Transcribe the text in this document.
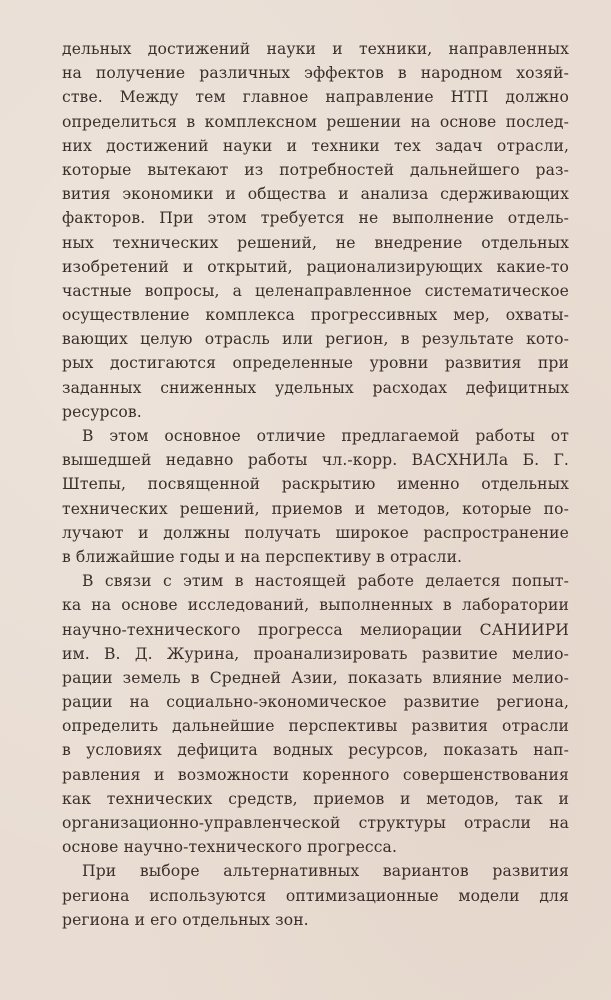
дельных достижений науки и техники, направленных
на получение различных эффектов в народном хозяй-
стве. Между тем главное направление НТП должно
определиться в комплексном решении на основе послед-
них достижений науки и техники тех задач отрасли,
которые вытекают из потребностей дальнейшего раз-
вития экономики и общества и анализа сдерживающих
факторов. При этом требуется не выполнение отдель-
ных технических решений, не внедрение отдельных
изобретений и открытий, рационализирующих какие-то
частные вопросы, а целенаправленное систематическое
осуществление комплекса прогрессивных мер, охваты-
вающих целую отрасль или регион, в результате кото-
рых достигаются определенные уровни развития при
заданных сниженных удельных расходах дефицитных
ресурсов.
В этом основное отличие предлагаемой работы от
вышедшей недавно работы чл.-корр. ВАСХНИЛа Б. Г.
Штепы, посвященной раскрытию именно отдельных
технических решений, приемов и методов, которые по-
лучают и должны получать широкое распространение
в ближайшие годы и на перспективу в отрасли.
В связи с этим в настоящей работе делается попыт-
ка на основе исследований, выполненных в лаборатории
научно-технического прогресса мелиорации САНИИРИ
им. В. Д. Журина, проанализировать развитие мелио-
рации земель в Средней Азии, показать влияние мелио-
рации на социально-экономическое развитие региона,
определить дальнейшие перспективы развития отрасли
в условиях дефицита водных ресурсов, показать нап-
равления и возможности коренного совершенствования
как технических средств, приемов и методов, так и
организационно-управленческой структуры отрасли на
основе научно-технического прогресса.
При выборе альтернативных вариантов развития
региона используются оптимизационные модели для
региона и его отдельных зон.
